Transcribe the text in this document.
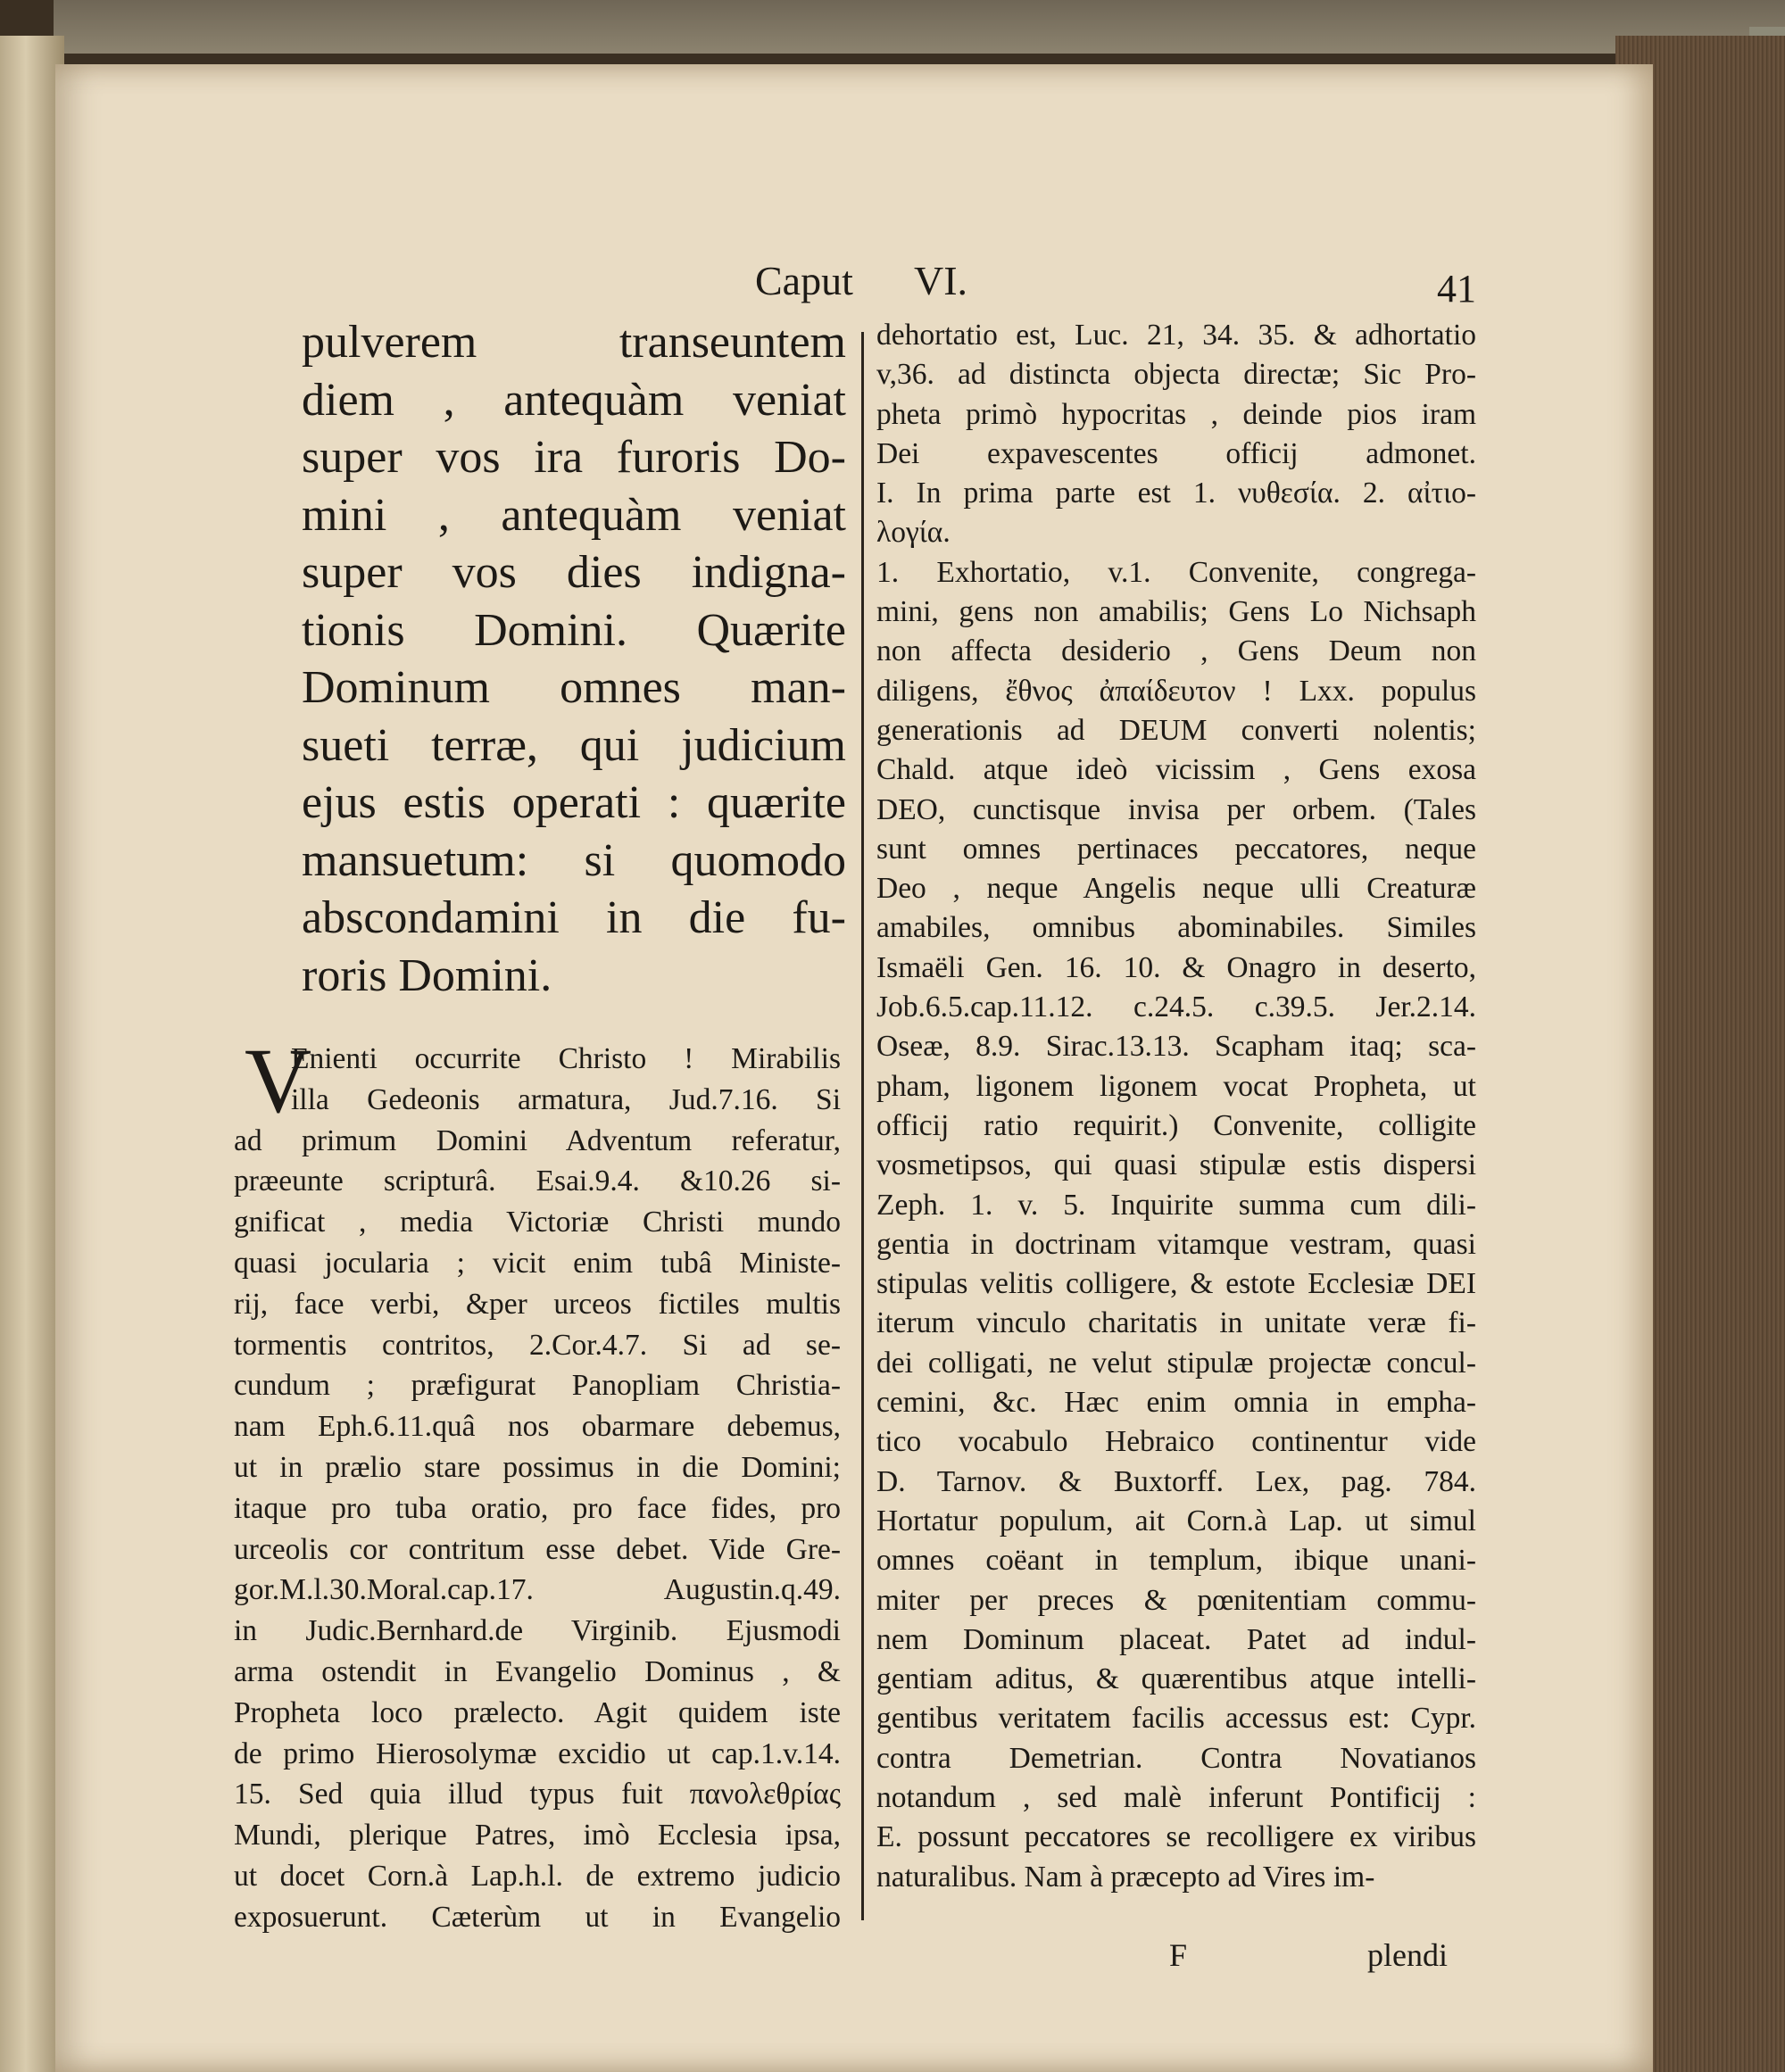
Caput VI.	41
pulverem transeuntem
diem , antequàm veniat
super vos ira furoris Do-
mini , antequàm veniat
super vos dies indigna-
tionis Domini. Quærite
Dominum omnes man-
sueti terræ, qui judicium
ejus estis operati : quærite
mansuetum: si quomodo
abscondamini in die fu-
roris Domini.
V
Enienti occurrite Christo ! Mirabilis
illa Gedeonis armatura, Jud.7.16. Si
ad primum Domini Adventum referatur,
præeunte scripturâ. Esai.9.4. &10.26 si-
gnificat , media Victoriæ Christi mundo
quasi jocularia ; vicit enim tubâ Ministe-
rij, face verbi, &per urceos fictiles multis
tormentis contritos, 2.Cor.4.7. Si ad se-
cundum ; præfigurat Panopliam Christia-
nam Eph.6.11.quâ nos obarmare debemus,
ut in prælio stare possimus in die Domini;
itaque pro tuba oratio, pro face fides, pro
urceolis cor contritum esse debet. Vide Gre-
gor.M.l.30.Moral.cap.17. Augustin.q.49.
in Judic.Bernhard.de Virginib. Ejusmodi
arma ostendit in Evangelio Dominus , &
Propheta loco prælecto. Agit quidem iste
de primo Hierosolymæ excidio ut cap.1.v.14.
15. Sed quia illud typus fuit πανολεθρίας
Mundi, plerique Patres, imò Ecclesia ipsa,
ut docet Corn.à Lap.h.l. de extremo judicio
exposuerunt. Cæterùm ut in Evangelio
dehortatio est, Luc. 21, 34. 35. & adhortatio
v,36. ad distincta objecta directæ; Sic Pro-
pheta primò hypocritas , deinde pios iram
Dei expavescentes officij admonet.
I. In prima parte est 1. νυθεσία. 2. αἰτιο-
λογία.
1. Exhortatio, v.1. Convenite, congrega-
mini, gens non amabilis; Gens Lo Nichsaph
non affecta desiderio , Gens Deum non
diligens, ἔθνος ἀπαίδευτον ! Lxx. populus
generationis ad DEUM converti nolentis;
Chald. atque ideò vicissim , Gens exosa
DEO, cunctisque invisa per orbem. (Tales
sunt omnes pertinaces peccatores, neque
Deo , neque Angelis neque ulli Creaturæ
amabiles, omnibus abominabiles. Similes
Ismaëli Gen. 16. 10. & Onagro in deserto,
Job.6.5.cap.11.12. c.24.5. c.39.5. Jer.2.14.
Oseæ, 8.9. Sirac.13.13. Scapham itaq; sca-
pham, ligonem ligonem vocat Propheta, ut
officij ratio requirit.) Convenite, colligite
vosmetipsos, qui quasi stipulæ estis dispersi
Zeph. 1. v. 5. Inquirite summa cum dili-
gentia in doctrinam vitamque vestram, quasi
stipulas velitis colligere, & estote Ecclesiæ DEI
iterum vinculo charitatis in unitate veræ fi-
dei colligati, ne velut stipulæ projectæ concul-
cemini, &c. Hæc enim omnia in empha-
tico vocabulo Hebraico continentur vide
D. Tarnov. & Buxtorff. Lex, pag. 784.
Hortatur populum, ait Corn.à Lap. ut simul
omnes coëant in templum, ibique unani-
miter per preces & pœnitentiam commu-
nem Dominum placeat. Patet ad indul-
gentiam aditus, & quærentibus atque intelli-
gentibus veritatem facilis accessus est: Cypr.
contra Demetrian. Contra Novatianos
notandum , sed malè inferunt Pontificij :
E. possunt peccatores se recolligere ex viribus
naturalibus. Nam à præcepto ad Vires im-
F	plendi
